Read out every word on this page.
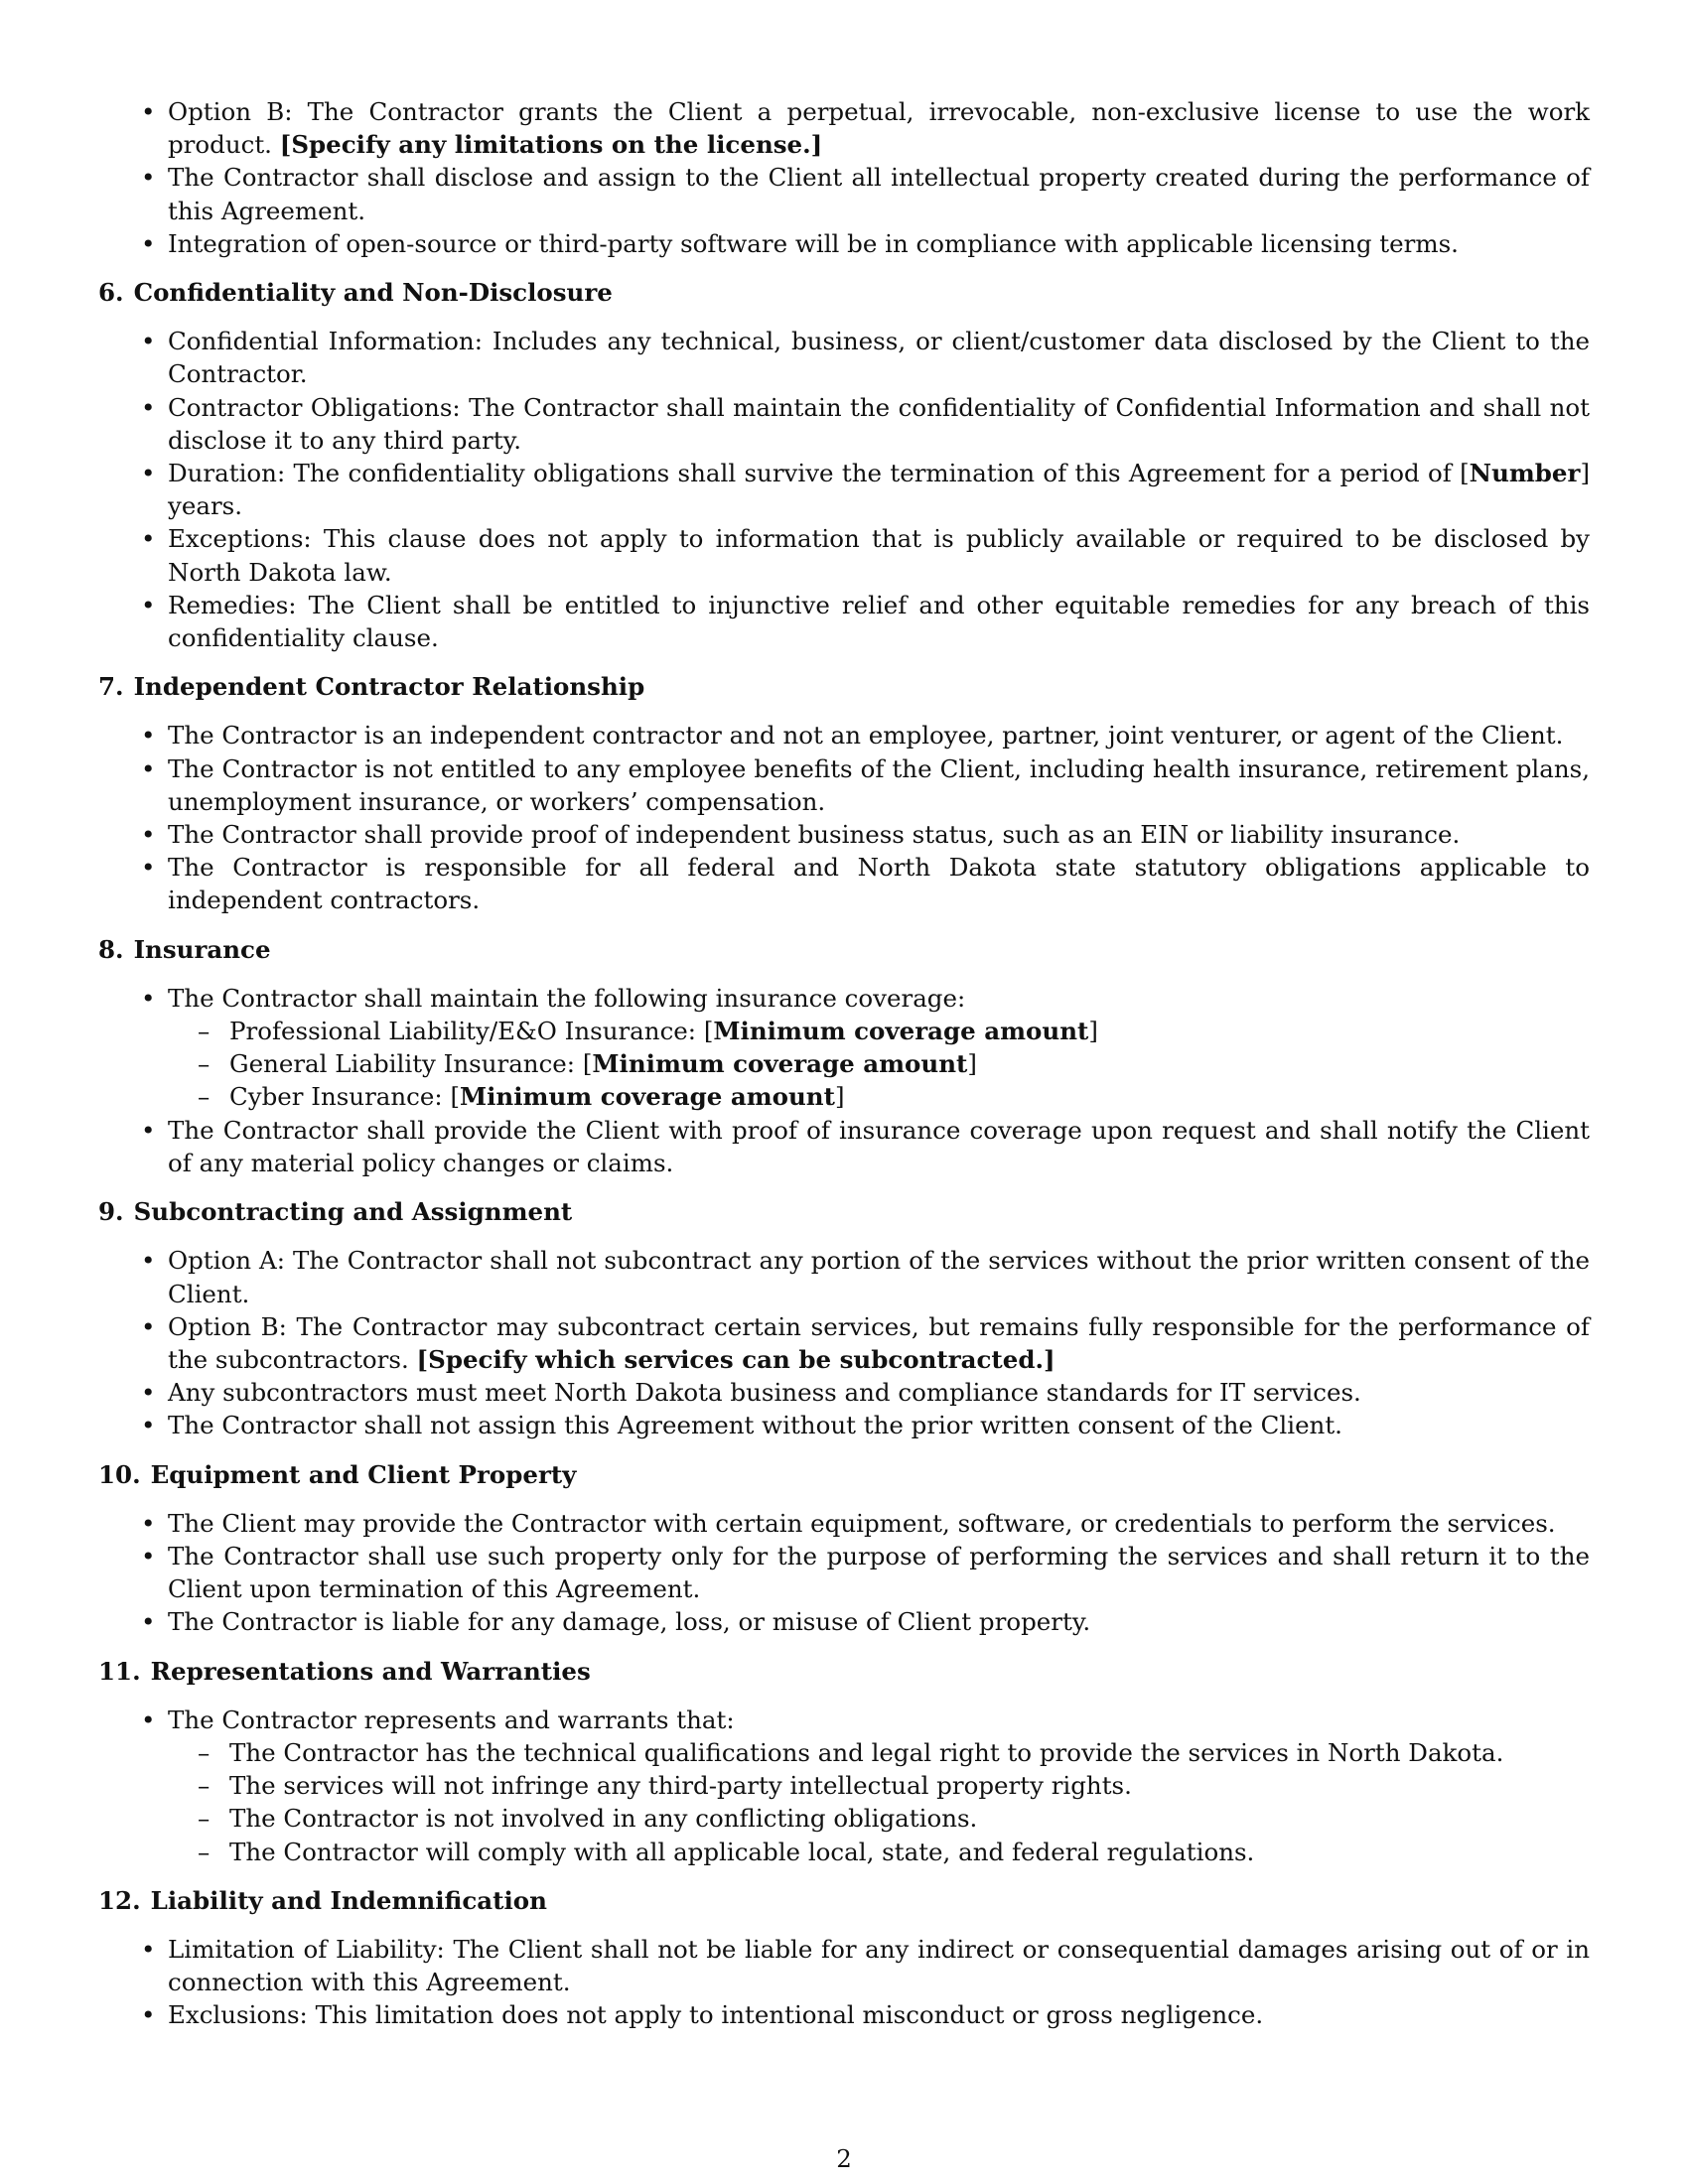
• Option B: The Contractor grants the Client a perpetual, irrevocable, non-exclusive license to use the work product. [Specify any limitations on the license.]
• The Contractor shall disclose and assign to the Client all intellectual property created during the performance of this Agreement.
• Integration of open-source or third-party software will be in compliance with applicable licensing terms.
6. Confidentiality and Non-Disclosure
• Confidential Information: Includes any technical, business, or client/customer data disclosed by the Client to the Contractor.
• Contractor Obligations: The Contractor shall maintain the confidentiality of Confidential Information and shall not disclose it to any third party.
• Duration: The confidentiality obligations shall survive the termination of this Agreement for a period of [Number] years.
• Exceptions: This clause does not apply to information that is publicly available or required to be disclosed by North Dakota law.
• Remedies: The Client shall be entitled to injunctive relief and other equitable remedies for any breach of this confidentiality clause.
7. Independent Contractor Relationship
• The Contractor is an independent contractor and not an employee, partner, joint venturer, or agent of the Client.
• The Contractor is not entitled to any employee benefits of the Client, including health insurance, retirement plans, unemployment insurance, or workers’ compensation.
• The Contractor shall provide proof of independent business status, such as an EIN or liability insurance.
• The Contractor is responsible for all federal and North Dakota state statutory obligations applicable to independent contractors.
8. Insurance
• The Contractor shall maintain the following insurance coverage:
– Professional Liability/E&O Insurance: [Minimum coverage amount]
– General Liability Insurance: [Minimum coverage amount]
– Cyber Insurance: [Minimum coverage amount]
• The Contractor shall provide the Client with proof of insurance coverage upon request and shall notify the Client of any material policy changes or claims.
9. Subcontracting and Assignment
• Option A: The Contractor shall not subcontract any portion of the services without the prior written consent of the Client.
• Option B: The Contractor may subcontract certain services, but remains fully responsible for the performance of the subcontractors. [Specify which services can be subcontracted.]
• Any subcontractors must meet North Dakota business and compliance standards for IT services.
• The Contractor shall not assign this Agreement without the prior written consent of the Client.
10. Equipment and Client Property
• The Client may provide the Contractor with certain equipment, software, or credentials to perform the services.
• The Contractor shall use such property only for the purpose of performing the services and shall return it to the Client upon termination of this Agreement.
• The Contractor is liable for any damage, loss, or misuse of Client property.
11. Representations and Warranties
• The Contractor represents and warrants that:
– The Contractor has the technical qualifications and legal right to provide the services in North Dakota.
– The services will not infringe any third-party intellectual property rights.
– The Contractor is not involved in any conflicting obligations.
– The Contractor will comply with all applicable local, state, and federal regulations.
12. Liability and Indemnification
• Limitation of Liability: The Client shall not be liable for any indirect or consequential damages arising out of or in connection with this Agreement.
• Exclusions: This limitation does not apply to intentional misconduct or gross negligence.
2
